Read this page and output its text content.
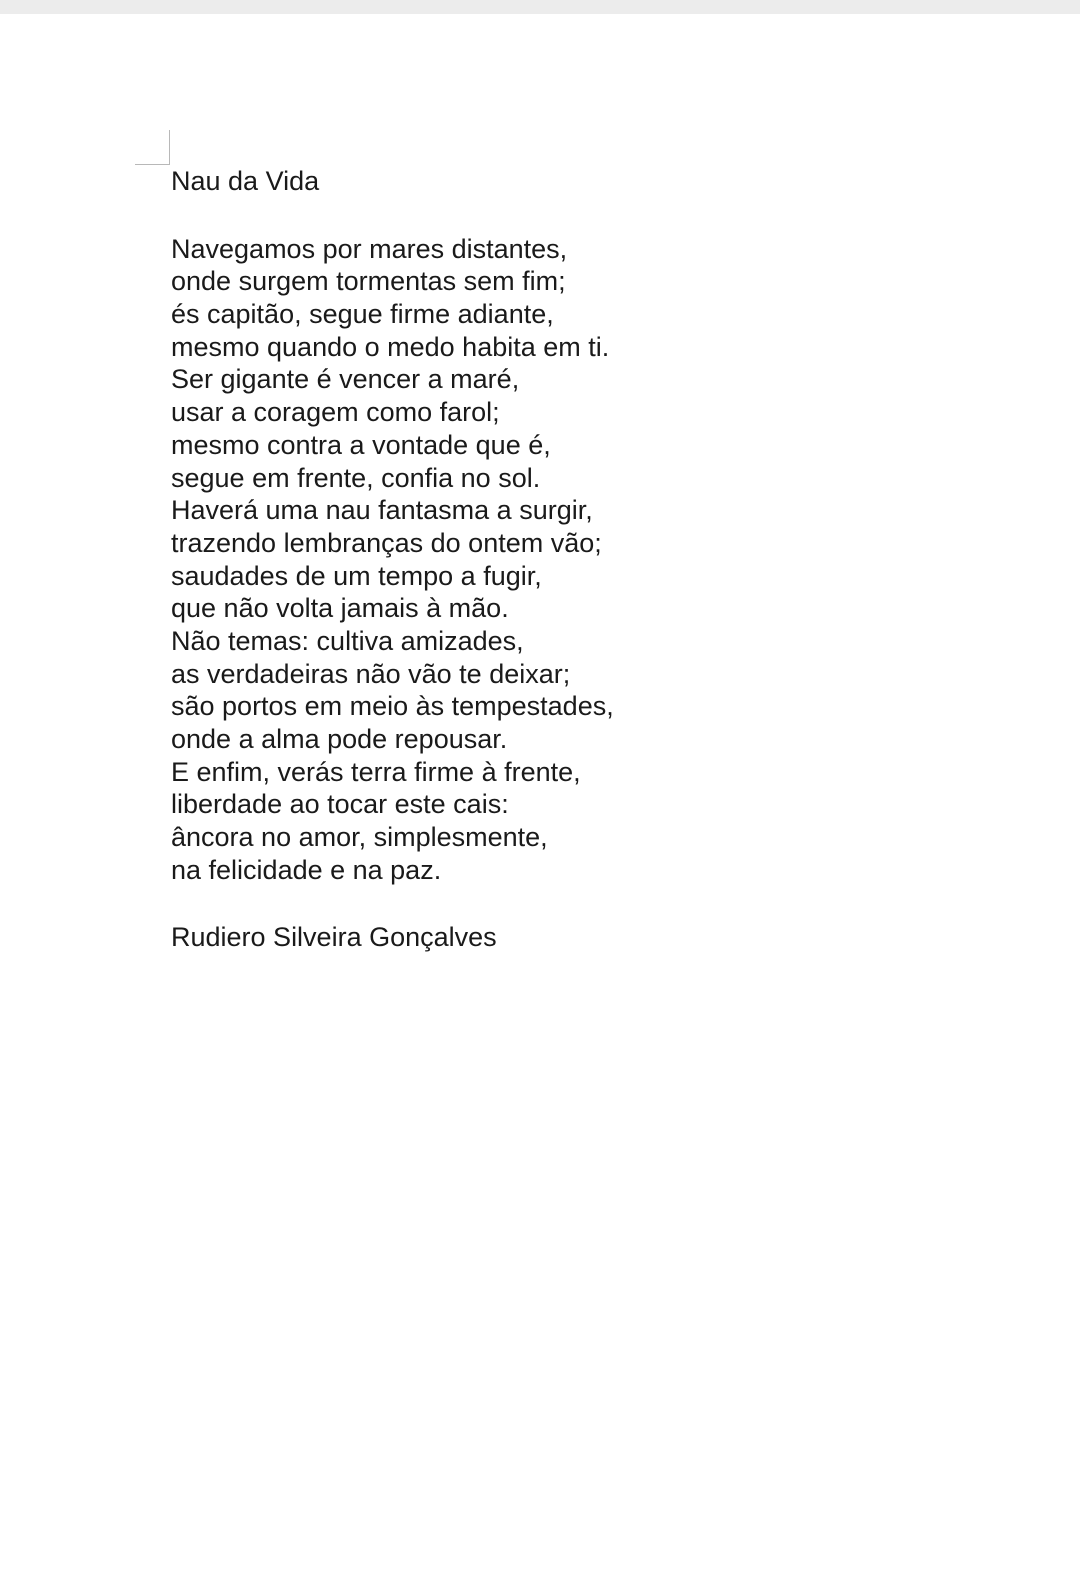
Nau da Vida
Navegamos por mares distantes,
onde surgem tormentas sem fim;
és capitão, segue firme adiante,
mesmo quando o medo habita em ti.
Ser gigante é vencer a maré,
usar a coragem como farol;
mesmo contra a vontade que é,
segue em frente, confia no sol.
Haverá uma nau fantasma a surgir,
trazendo lembranças do ontem vão;
saudades de um tempo a fugir,
que não volta jamais à mão.
Não temas: cultiva amizades,
as verdadeiras não vão te deixar;
são portos em meio às tempestades,
onde a alma pode repousar.
E enfim, verás terra firme à frente,
liberdade ao tocar este cais:
âncora no amor, simplesmente,
na felicidade e na paz.
Rudiero Silveira Gonçalves
